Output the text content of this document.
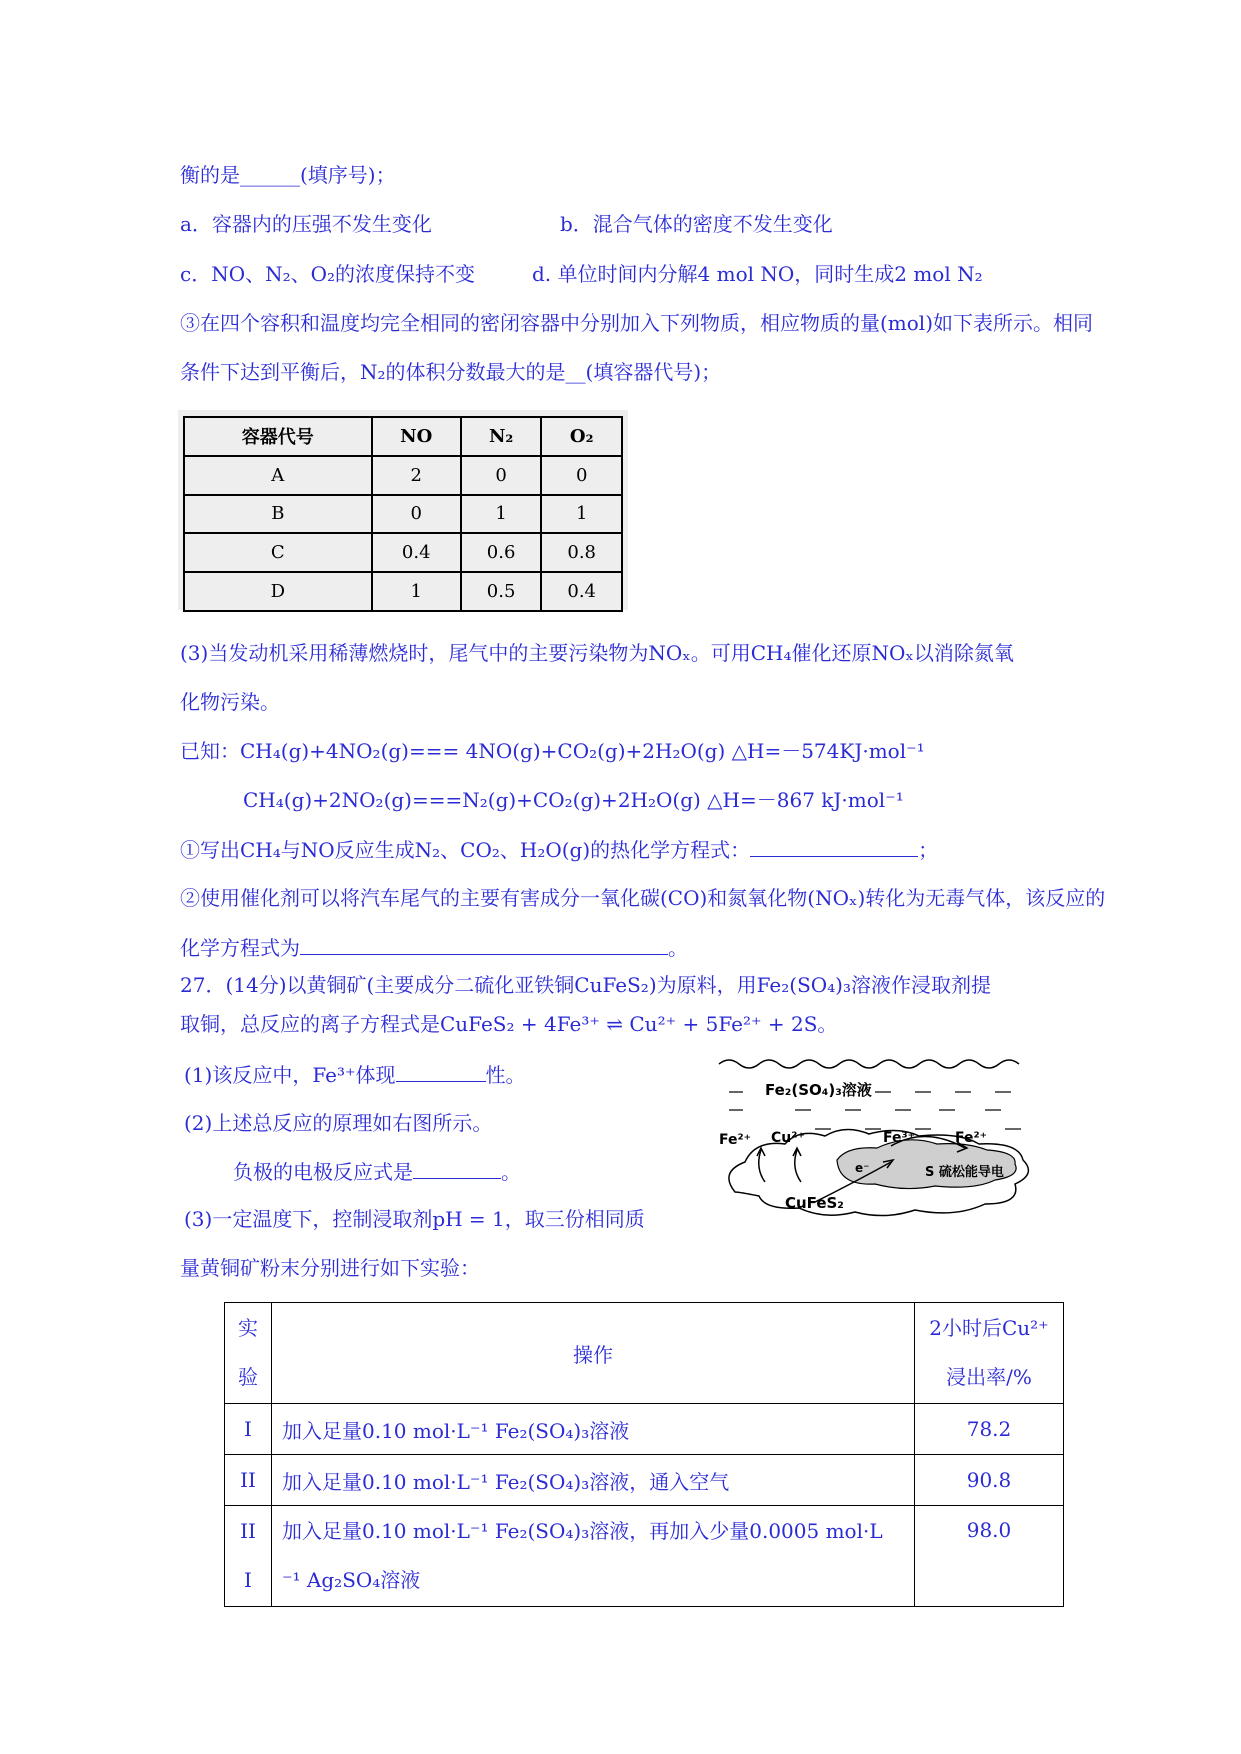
衡的是______(填序号)；
a．容器内的压强不发生变化	b．混合气体的密度不发生变化
c．NO、N₂、O₂的浓度保持不变	d. 单位时间内分解4 mol NO，同时生成2 mol N₂
③在四个容积和温度均完全相同的密闭容器中分别加入下列物质，相应物质的量(mol)如下表所示。相同
条件下达到平衡后，N₂的体积分数最大的是__(填容器代号)；
容器代号	NO	N₂	O₂
A	2	0	0
B	0	1	1
C	0.4	0.6	0.8
D	1	0.5	0.4
(3)当发动机采用稀薄燃烧时，尾气中的主要污染物为NOₓ。可用CH₄催化还原NOₓ以消除氮氧
化物污染。
已知：CH₄(g)+4NO₂(g)=== 4NO(g)+CO₂(g)+2H₂O(g) △H=－574KJ·mol⁻¹
CH₄(g)+2NO₂(g)===N₂(g)+CO₂(g)+2H₂O(g) △H=－867 kJ·mol⁻¹
①写出CH₄与NO反应生成N₂、CO₂、H₂O(g)的热化学方程式：	；
②使用催化剂可以将汽车尾气的主要有害成分一氧化碳(CO)和氮氧化物(NOₓ)转化为无毒气体，该反应的
化学方程式为	。
27．(14分)以黄铜矿(主要成分二硫化亚铁铜CuFeS₂)为原料，用Fe₂(SO₄)₃溶液作浸取剂提
取铜，总反应的离子方程式是CuFeS₂ + 4Fe³⁺ ⇌ Cu²⁺ + 5Fe²⁺ + 2S。
(1)该反应中，Fe³⁺体现	性。
(2)上述总反应的原理如右图所示。
负极的电极反应式是	。
(3)一定温度下，控制浸取剂pH = 1，取三份相同质
量黄铜矿粉末分别进行如下实验：
Fe₂(SO₄)₃溶液
Fe²⁺ Cu²⁺	Fe³⁺	Fe²⁺
S 硫松能导电
e⁻
CuFeS₂
实
验	操作	2小时后Cu²⁺
浸出率/%
I	加入足量0.10 mol·L⁻¹ Fe₂(SO₄)₃溶液	78.2
II	加入足量0.10 mol·L⁻¹ Fe₂(SO₄)₃溶液，通入空气	90.8
II
I	加入足量0.10 mol·L⁻¹ Fe₂(SO₄)₃溶液，再加入少量0.0005 mol·L
⁻¹ Ag₂SO₄溶液	98.0
